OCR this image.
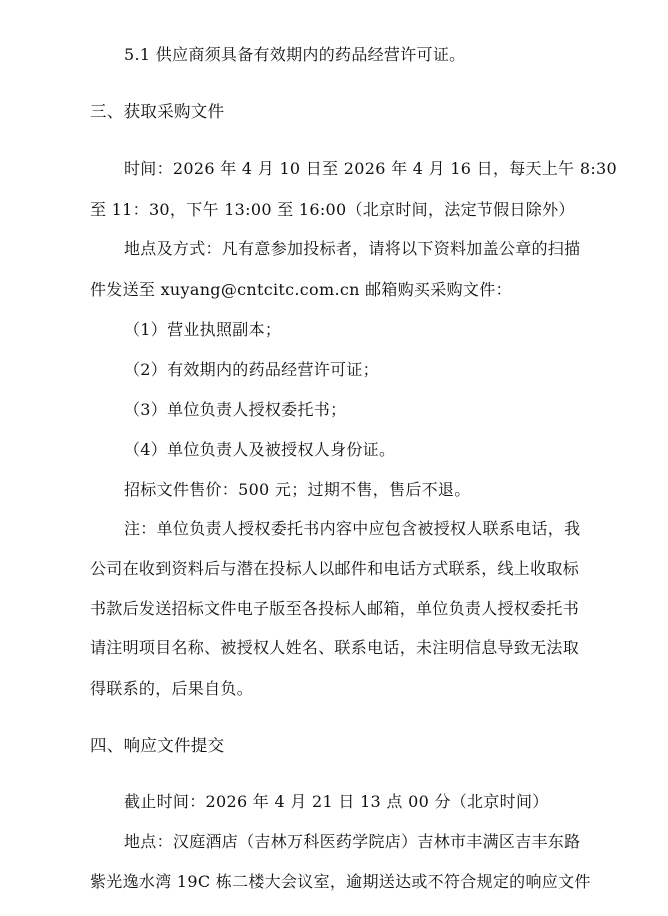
5.1 供应商须具备有效期内的药品经营许可证。
三、获取采购文件
时间：2026 年 4 月 10 日至 2026 年 4 月 16 日，每天上午 8:30
至 11：30，下午 13:00 至 16:00（北京时间，法定节假日除外）
地点及方式：凡有意参加投标者，请将以下资料加盖公章的扫描
件发送至 xuyang@cntcitc.com.cn 邮箱购买采购文件：
（1）营业执照副本；
（2）有效期内的药品经营许可证；
（3）单位负责人授权委托书；
（4）单位负责人及被授权人身份证。
招标文件售价：500 元；过期不售，售后不退。
注：单位负责人授权委托书内容中应包含被授权人联系电话，我
公司在收到资料后与潜在投标人以邮件和电话方式联系，线上收取标
书款后发送招标文件电子版至各投标人邮箱，单位负责人授权委托书
请注明项目名称、被授权人姓名、联系电话，未注明信息导致无法取
得联系的，后果自负。
四、响应文件提交
截止时间：2026 年 4 月 21 日 13 点 00 分（北京时间）
地点：汉庭酒店（吉林万科医药学院店）吉林市丰满区吉丰东路
紫光逸水湾 19C 栋二楼大会议室，逾期送达或不符合规定的响应文件
